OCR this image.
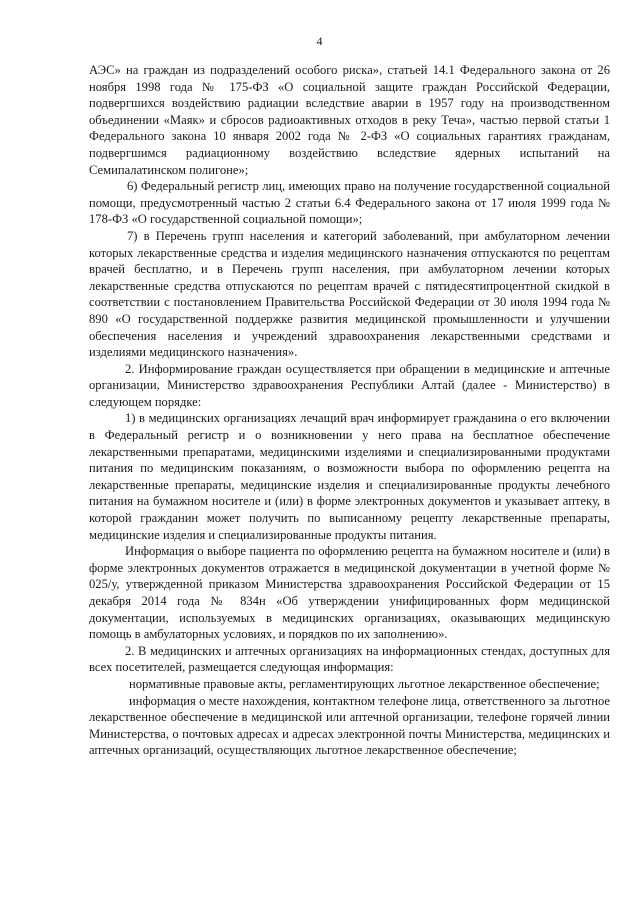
4

АЭС» на граждан из подразделений особого риска», статьей 14.1 Федерального закона от 26 ноября 1998 года № 175-ФЗ «О социальной защите граждан Российской Федерации, подвергшихся воздействию радиации вследствие аварии в 1957 году на производственном объединении «Маяк» и сбросов радиоактивных отходов в реку Теча», частью первой статьи 1 Федерального закона 10 января 2002 года № 2-ФЗ «О социальных гарантиях гражданам, подвергшимся радиационному воздействию вследствие ядерных испытаний на Семипалатинском полигоне»;

6) Федеральный регистр лиц, имеющих право на получение государственной социальной помощи, предусмотренный частью 2 статьи 6.4 Федерального закона от 17 июля 1999 года № 178-ФЗ «О государственной социальной помощи»;

7) в Перечень групп населения и категорий заболеваний, при амбулаторном лечении которых лекарственные средства и изделия медицинского назначения отпускаются по рецептам врачей бесплатно, и в Перечень групп населения, при амбулаторном лечении которых лекарственные средства отпускаются по рецептам врачей с пятидесятипроцентной скидкой в соответствии с постановлением Правительства Российской Федерации от 30 июля 1994 года № 890 «О государственной поддержке развития медицинской промышленности и улучшении обеспечения населения и учреждений здравоохранения лекарственными средствами и изделиями медицинского назначения».

2. Информирование граждан осуществляется при обращении в медицинские и аптечные организации, Министерство здравоохранения Республики Алтай (далее - Министерство) в следующем порядке:

1) в медицинских организациях лечащий врач информирует гражданина о его включении в Федеральный регистр и о возникновении у него права на бесплатное обеспечение лекарственными препаратами, медицинскими изделиями и специализированными продуктами питания по медицинским показаниям, о возможности выбора по оформлению рецепта на лекарственные препараты, медицинские изделия и специализированные продукты лечебного питания на бумажном носителе и (или) в форме электронных документов и указывает аптеку, в которой гражданин может получить по выписанному рецепту лекарственные препараты, медицинские изделия и специализированные продукты питания.

Информация о выборе пациента по оформлению рецепта на бумажном носителе и (или) в форме электронных документов отражается в медицинской документации в учетной форме № 025/у, утвержденной приказом Министерства здравоохранения Российской Федерации от 15 декабря 2014 года № 834н «Об утверждении унифицированных форм медицинской документации, используемых в медицинских организациях, оказывающих медицинскую помощь в амбулаторных условиях, и порядков по их заполнению».

2. В медицинских и аптечных организациях на информационных стендах, доступных для всех посетителей, размещается следующая информация:

нормативные правовые акты, регламентирующих льготное лекарственное обеспечение;

информация о месте нахождения, контактном телефоне лица, ответственного за льготное лекарственное обеспечение в медицинской или аптечной организации, телефоне горячей линии Министерства, о почтовых адресах и адресах электронной почты Министерства, медицинских и аптечных организаций, осуществляющих льготное лекарственное обеспечение;
